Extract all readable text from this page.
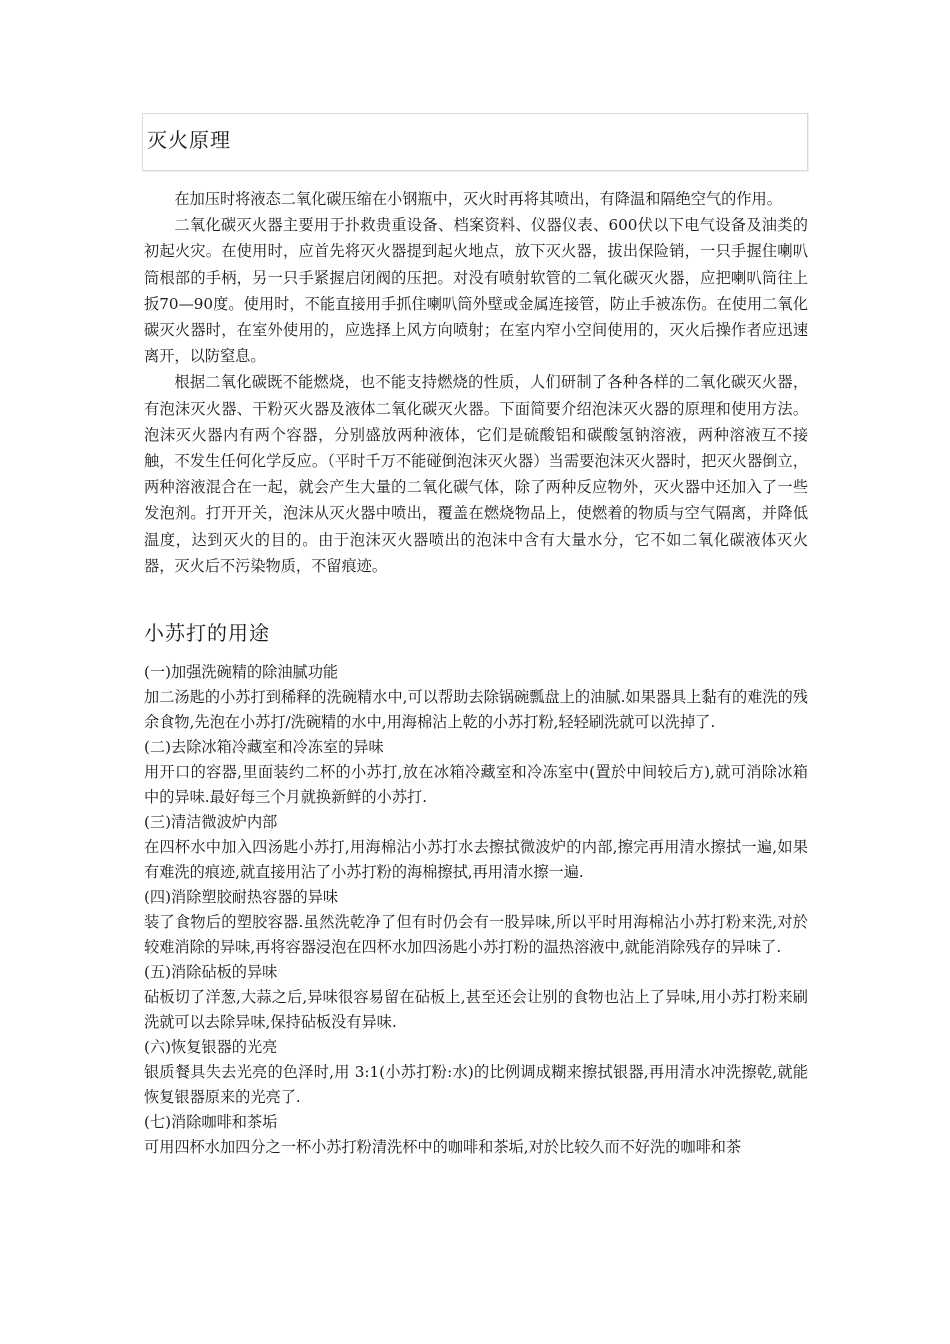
灭火原理

在加压时将液态二氧化碳压缩在小钢瓶中，灭火时再将其喷出，有降温和隔绝空气的作用。

二氧化碳灭火器主要用于扑救贵重设备、档案资料、仪器仪表、600伏以下电气设备及油类的初起火灾。在使用时，应首先将灭火器提到起火地点，放下灭火器，拔出保险销，一只手握住喇叭筒根部的手柄，另一只手紧握启闭阀的压把。对没有喷射软管的二氧化碳灭火器，应把喇叭筒往上扳70—90度。使用时，不能直接用手抓住喇叭筒外壁或金属连接管，防止手被冻伤。在使用二氧化碳灭火器时，在室外使用的，应选择上风方向喷射；在室内窄小空间使用的，灭火后操作者应迅速离开，以防窒息。

根据二氧化碳既不能燃烧，也不能支持燃烧的性质，人们研制了各种各样的二氧化碳灭火器，有泡沫灭火器、干粉灭火器及液体二氧化碳灭火器。下面简要介绍泡沫灭火器的原理和使用方法。 泡沫灭火器内有两个容器，分别盛放两种液体，它们是硫酸铝和碳酸氢钠溶液，两种溶液互不接触，不发生任何化学反应。（平时千万不能碰倒泡沫灭火器）当需要泡沫灭火器时，把灭火器倒立，两种溶液混合在一起，就会产生大量的二氧化碳气体，除了两种反应物外，灭火器中还加入了一些发泡剂。打开开关，泡沫从灭火器中喷出，覆盖在燃烧物品上，使燃着的物质与空气隔离，并降低温度，达到灭火的目的。由于泡沫灭火器喷出的泡沫中含有大量水分，它不如二氧化碳液体灭火器，灭火后不污染物质，不留痕迹。

小苏打的用途

(一)加强洗碗精的除油腻功能

加二汤匙的小苏打到稀释的洗碗精水中,可以帮助去除锅碗瓢盘上的油腻.如果器具上黏有的难洗的残余食物,先泡在小苏打/洗碗精的水中,用海棉沾上乾的小苏打粉,轻轻刷洗就可以洗掉了.

(二)去除冰箱冷藏室和冷冻室的异味

用开口的容器,里面装约二杯的小苏打,放在冰箱冷藏室和冷冻室中(置於中间较后方),就可消除冰箱中的异味.最好每三个月就换新鲜的小苏打.

(三)清洁微波炉内部

在四杯水中加入四汤匙小苏打,用海棉沾小苏打水去擦拭微波炉的内部,擦完再用清水擦拭一遍,如果有难洗的痕迹,就直接用沾了小苏打粉的海棉擦拭,再用清水擦一遍.

(四)消除塑胶耐热容器的异味

装了食物后的塑胶容器.虽然洗乾净了但有时仍会有一股异味,所以平时用海棉沾小苏打粉来洗,对於较难消除的异味,再将容器浸泡在四杯水加四汤匙小苏打粉的温热溶液中,就能消除残存的异味了.

(五)消除砧板的异味

砧板切了洋葱,大蒜之后,异味很容易留在砧板上,甚至还会让别的食物也沾上了异味,用小苏打粉来刷洗就可以去除异味,保持砧板没有异味.

(六)恢复银器的光亮

银质餐具失去光亮的色泽时,用 3:1(小苏打粉:水)的比例调成糊来擦拭银器,再用清水冲洗擦乾,就能恢复银器原来的光亮了.

(七)消除咖啡和茶垢

可用四杯水加四分之一杯小苏打粉清洗杯中的咖啡和茶垢,对於比较久而不好洗的咖啡和茶
